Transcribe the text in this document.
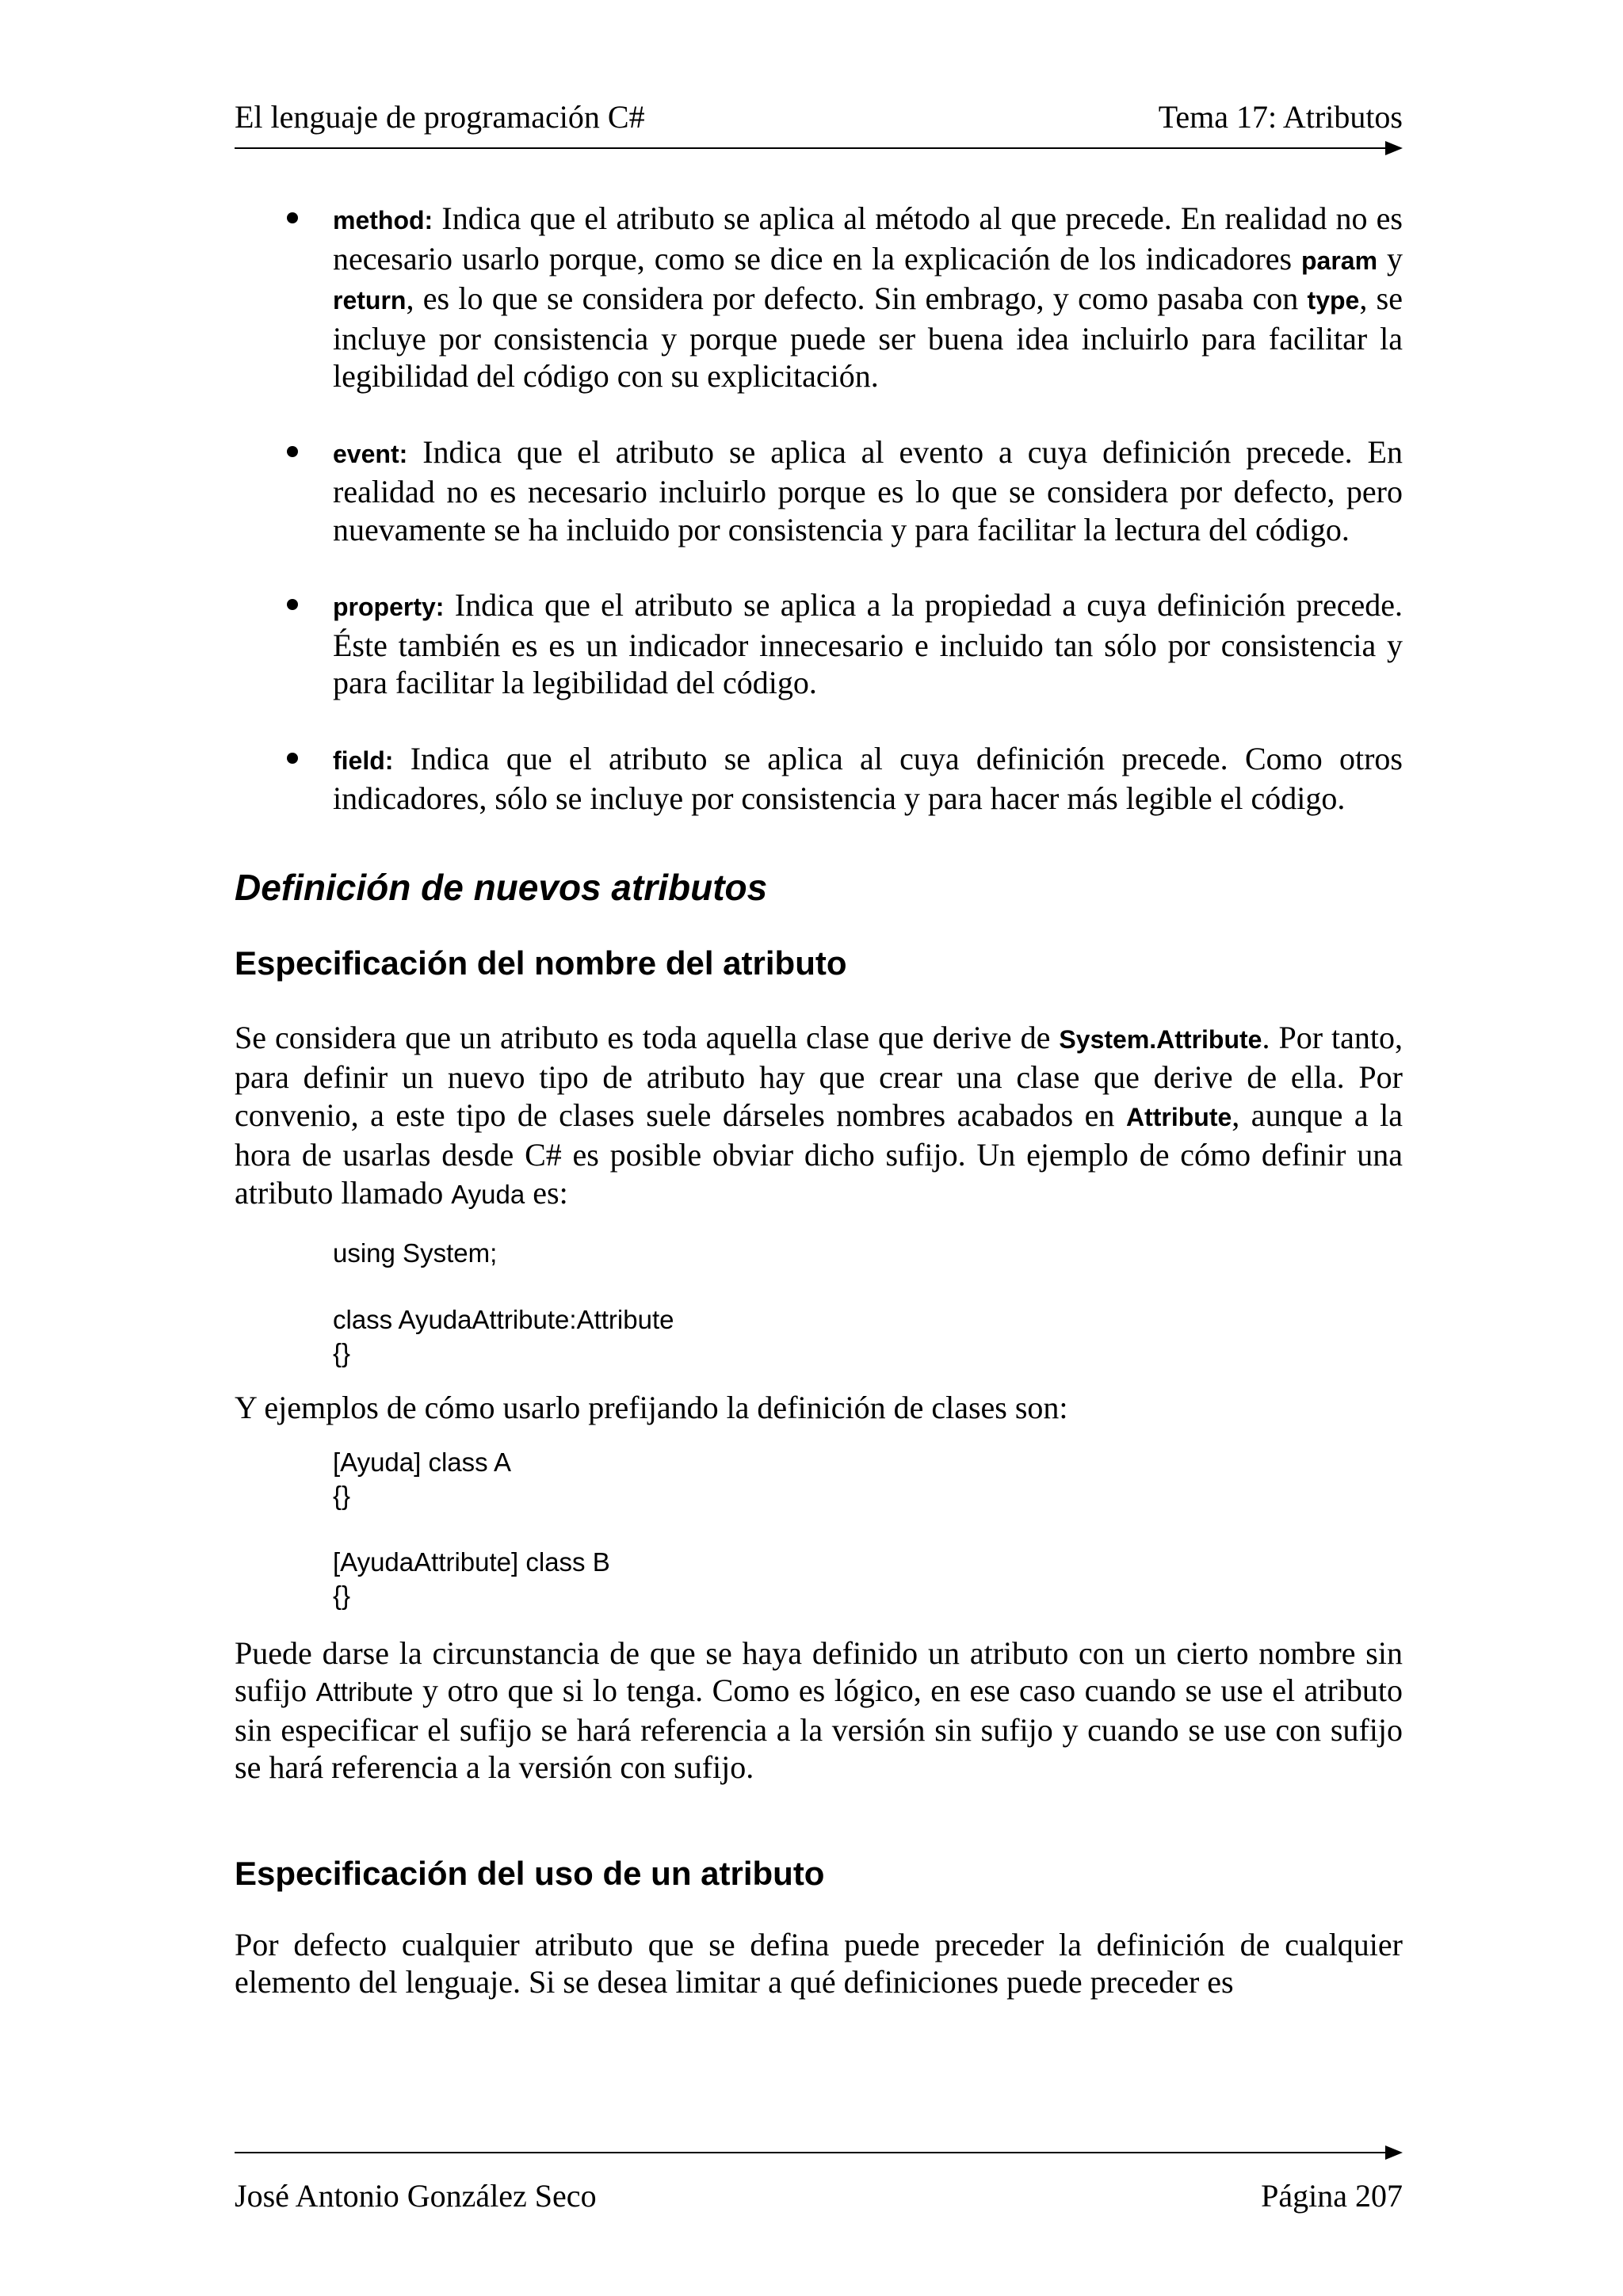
El lenguaje de programación C#	Tema 17: Atributos
method: Indica que el atributo se aplica al método al que precede. En realidad no es necesario usarlo porque, como se dice en la explicación de los indicadores param y return, es lo que se considera por defecto. Sin embrago, y como pasaba con type, se incluye por consistencia y porque puede ser buena idea incluirlo para facilitar la legibilidad del código con su explicitación.
event: Indica que el atributo se aplica al evento a cuya definición precede. En realidad no es necesario incluirlo porque es lo que se considera por defecto, pero nuevamente se ha incluido por consistencia y para facilitar la lectura del código.
property: Indica que el atributo se aplica a la propiedad a cuya definición precede. Éste también es es un indicador innecesario e incluido tan sólo por consistencia y para facilitar la legibilidad del código.
field: Indica que el atributo se aplica al cuya definición precede. Como otros indicadores, sólo se incluye por consistencia y para hacer más legible el código.
Definición de nuevos atributos
Especificación del nombre del atributo

Se considera que un atributo es toda aquella clase que derive de System.Attribute. Por tanto, para definir un nuevo tipo de atributo hay que crear una clase que derive de ella. Por convenio, a este tipo de clases suele dárseles nombres acabados en Attribute, aunque a la hora de usarlas desde C# es posible obviar dicho sufijo. Un ejemplo de cómo definir una atributo llamado Ayuda es:

using System;

class AyudaAttribute:Attribute
{}

Y ejemplos de cómo usarlo prefijando la definición de clases son:

[Ayuda] class A
{}

[AyudaAttribute] class B
{}

Puede darse la circunstancia de que se haya definido un atributo con un cierto nombre sin sufijo Attribute y otro que si lo tenga. Como es lógico, en ese caso cuando se use el atributo sin especificar el sufijo se hará referencia a la versión sin sufijo y cuando se use con sufijo se hará referencia a la versión con sufijo.

Especificación del uso de un atributo

Por defecto cualquier atributo que se defina puede preceder la definición de cualquier elemento del lenguaje. Si se desea limitar a qué definiciones puede preceder es

José Antonio González Seco	Página 207
